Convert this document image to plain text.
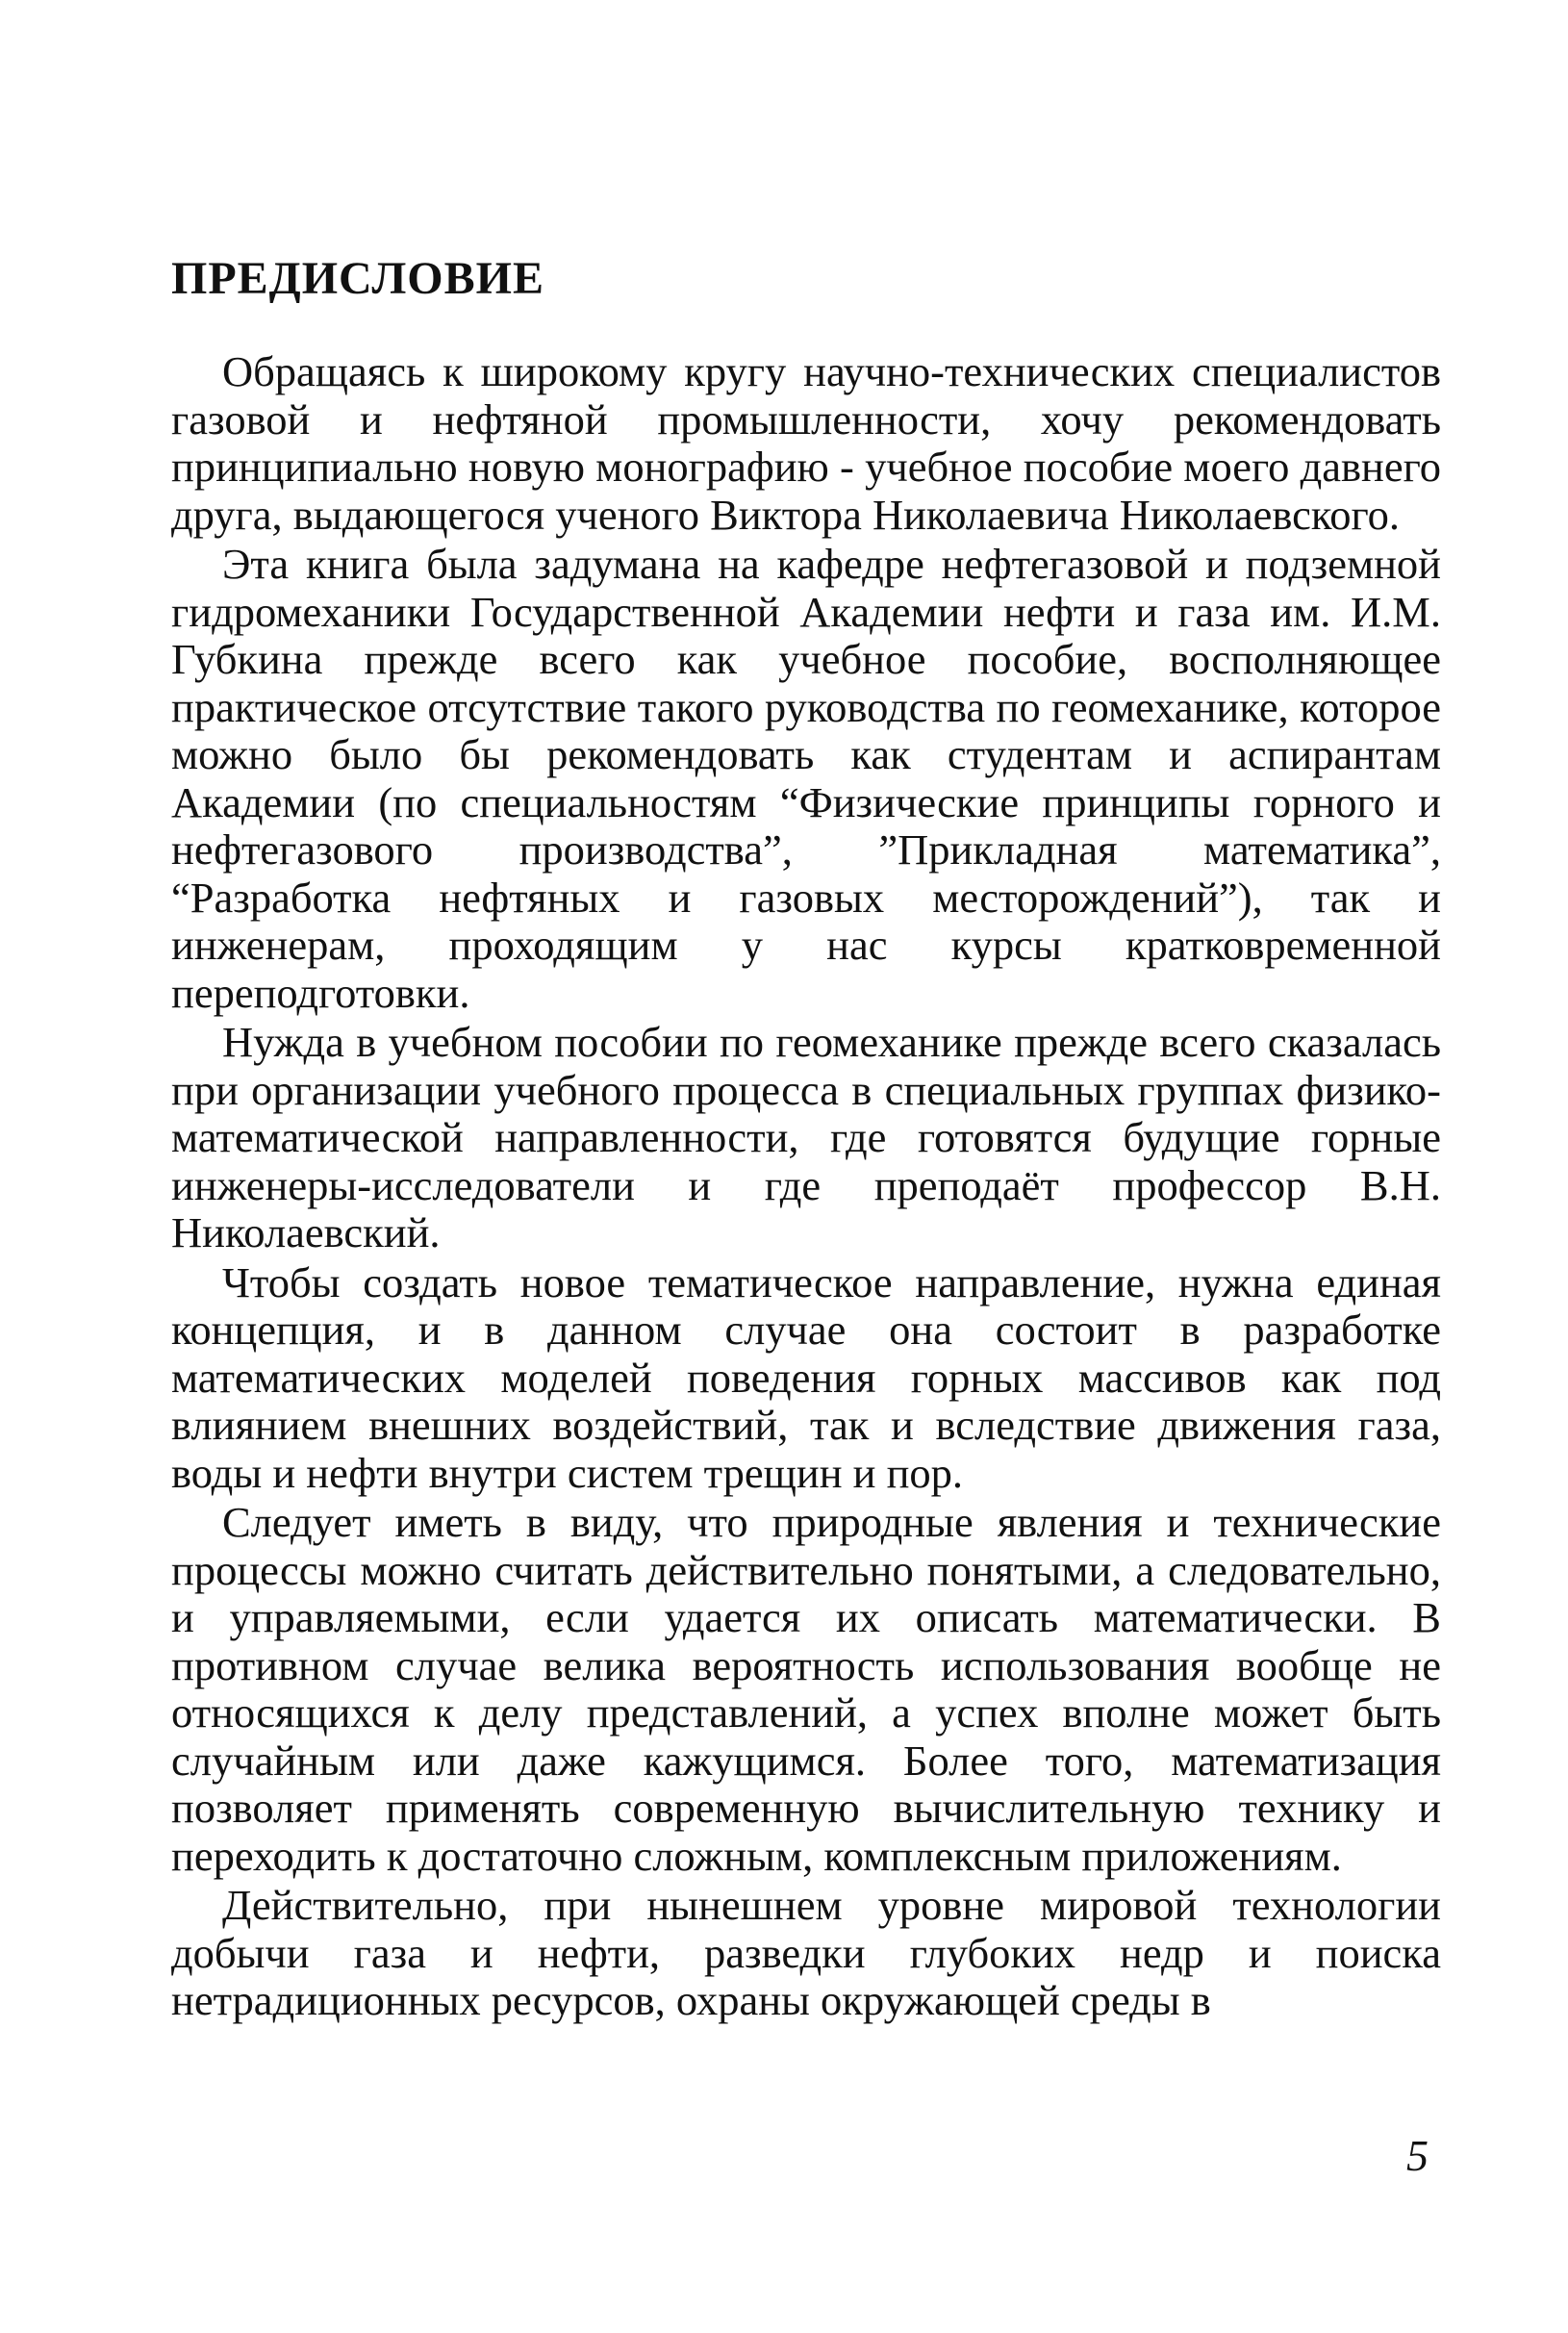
ПРЕДИСЛОВИЕ

Обращаясь к широкому кругу научно-технических специалистов газовой и нефтяной промышленности, хочу рекомендовать принципиально новую монографию - учебное пособие моего давнего друга, выдающегося ученого Виктора Николаевича Николаевского.

Эта книга была задумана на кафедре нефтегазовой и подземной гидромеханики Государственной Академии нефти и газа им. И.М. Губкина прежде всего как учебное пособие, восполняющее практическое отсутствие такого руководства по геомеханике, которое можно было бы рекомендовать как студентам и аспирантам Академии (по специальностям “Физические принципы горного и нефтегазового производства”, ”Прикладная математика”, “Разработка нефтяных и газовых месторождений”), так и инженерам, проходящим у нас курсы кратковременной переподготовки.

Нужда в учебном пособии по геомеханике прежде всего сказалась при организации учебного процесса в специальных группах физико-математической направленности, где готовятся будущие горные инженеры-исследователи и где преподаёт профессор В.Н. Николаевский.

Чтобы создать новое тематическое направление, нужна единая концепция, и в данном случае она состоит в разработке математических моделей поведения горных массивов как под влиянием внешних воздействий, так и вследствие движения газа, воды и нефти внутри систем трещин и пор.

Следует иметь в виду, что природные явления и технические процессы можно считать действительно понятыми, а следовательно, и управляемыми, если удается их описать математически. В противном случае велика вероятность использования вообще не относящихся к делу представлений, а успех вполне может быть случайным или даже кажущимся. Более того, математизация позволяет применять современную вычислительную технику и переходить к достаточно сложным, комплексным приложениям.

Действительно, при нынешнем уровне мировой технологии добычи газа и нефти, разведки глубоких недр и поиска нетрадиционных ресурсов, охраны окружающей среды в

5
